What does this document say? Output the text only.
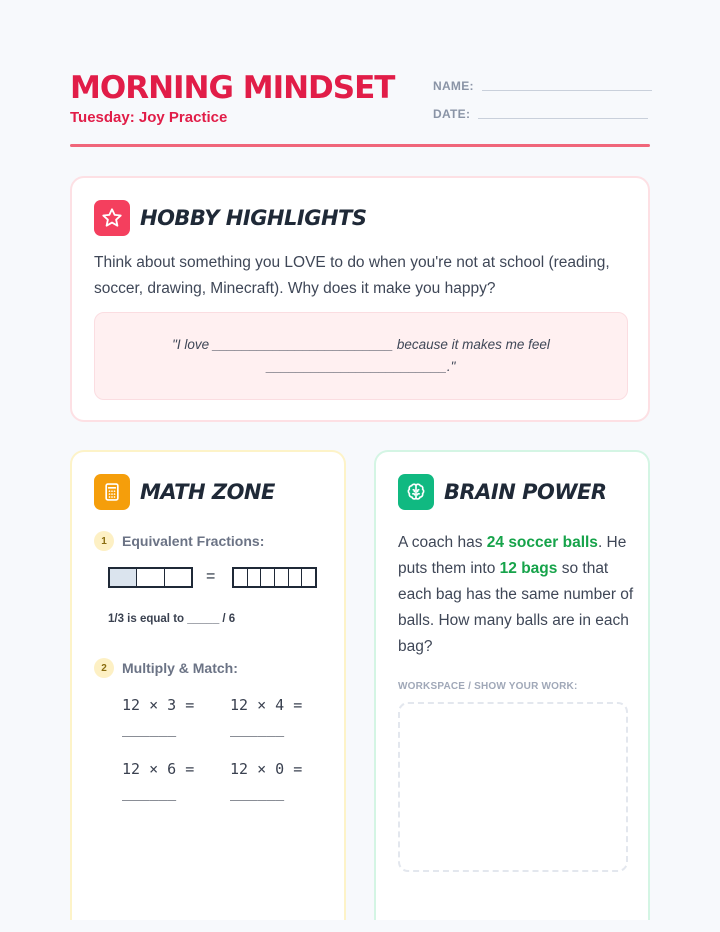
MORNING MINDSET
Tuesday: Joy Practice
NAME:
DATE:
HOBBY HIGHLIGHTS
Think about something you LOVE to do when you're not at school (reading, soccer, drawing, Minecraft). Why does it make you happy?
"I love ________________________ because it makes me feel
________________________."
MATH ZONE
1	Equivalent Fractions:
=
1/3 is equal to _____ / 6
2	Multiply & Match:
12 × 3 =
______
12 × 4 =
______
12 × 6 =
______
12 × 0 =
______
BRAIN POWER
A coach has 24 soccer balls. He puts them into 12 bags so that each bag has the same number of balls. How many balls are in each bag?
WORKSPACE / SHOW YOUR WORK:
